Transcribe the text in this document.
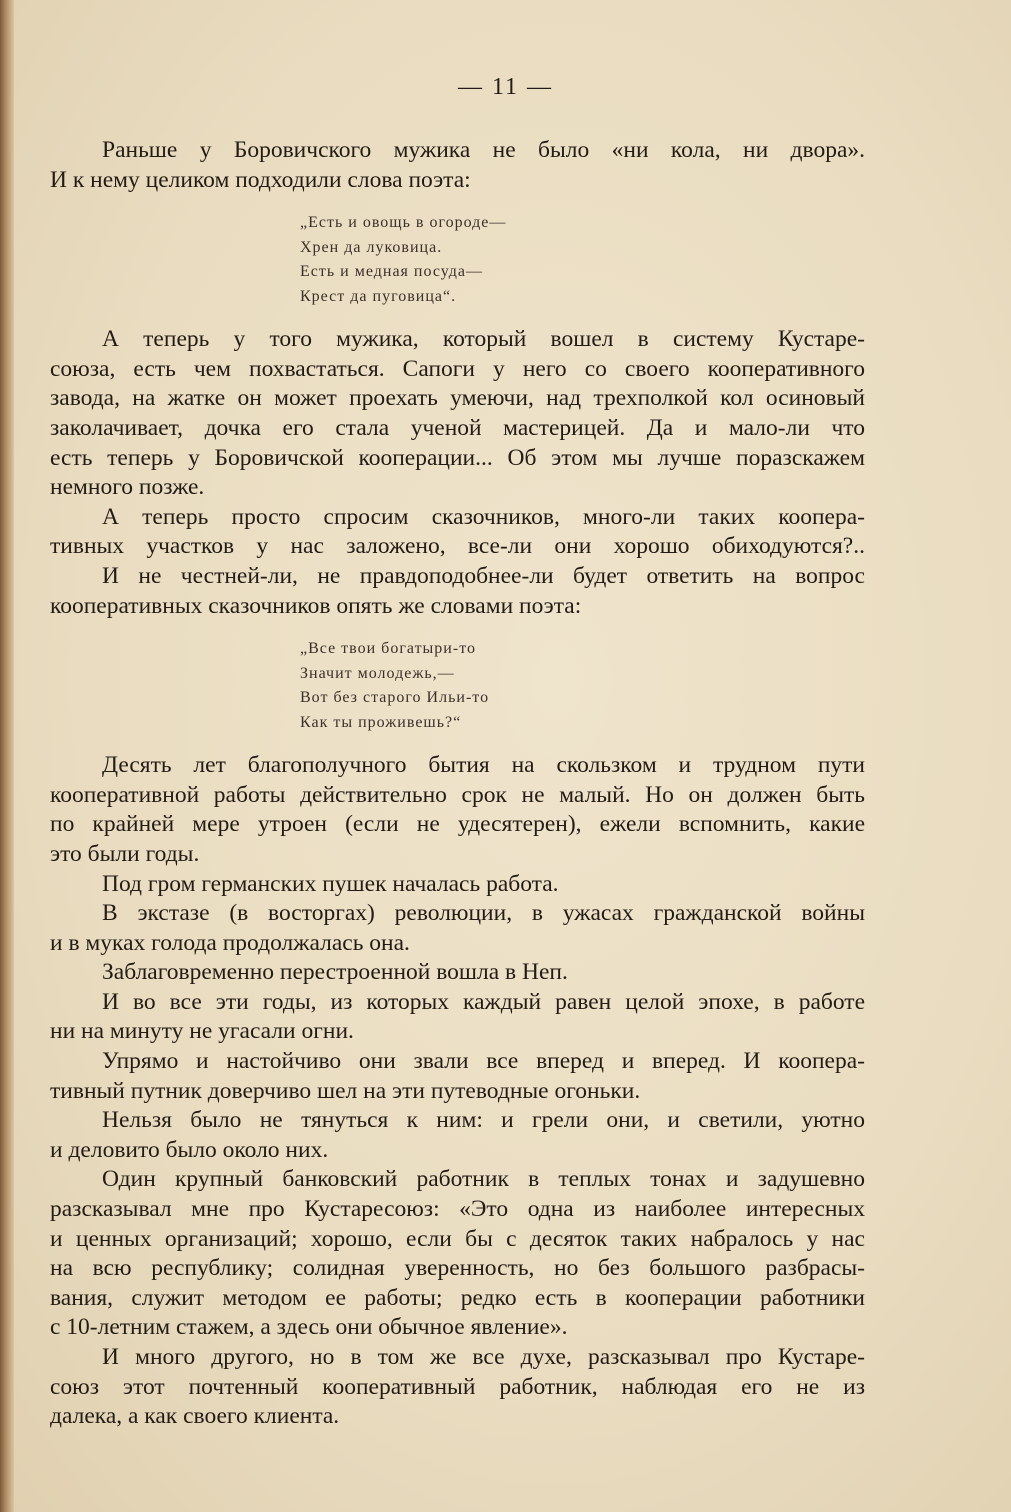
— 11 —
Раньше у Боровичского мужика не было «ни кола, ни двора».
И к нему целиком подходили слова поэта:
„Есть и овощь в огороде—
Хрен да луковица.
Есть и медная посуда—
Крест да пуговица“.
А теперь у того мужика, который вошел в систему Кустаре-
союза, есть чем похвастаться. Сапоги у него со своего кооперативного
завода, на жатке он может проехать умеючи, над трехполкой кол осиновый
заколачивает, дочка его стала ученой мастерицей. Да и мало-ли что
есть теперь у Боровичской кооперации... Об этом мы лучше поразскажем
немного позже.
А теперь просто спросим сказочников, много-ли таких коопера-
тивных участков у нас заложено, все-ли они хорошо обиходуются?..
И не честней-ли, не правдоподобнее-ли будет ответить на вопрос
кооперативных сказочников опять же словами поэта:
„Все твои богатыри-то
Значит молодежь,—
Вот без старого Ильи-то
Как ты проживешь?“
Десять лет благополучного бытия на скользком и трудном пути
кооперативной работы действительно срок не малый. Но он должен быть
по крайней мере утроен (если не удесятерен), ежели вспомнить, какие
это были годы.
Под гром германских пушек началась работа.
В экстазе (в восторгах) революции, в ужасах гражданской войны
и в муках голода продолжалась она.
Заблаговременно перестроенной вошла в Неп.
И во все эти годы, из которых каждый равен целой эпохе, в работе
ни на минуту не угасали огни.
Упрямо и настойчиво они звали все вперед и вперед. И коопера-
тивный путник доверчиво шел на эти путеводные огоньки.
Нельзя было не тянуться к ним: и грели они, и светили, уютно
и деловито было около них.
Один крупный банковский работник в теплых тонах и задушевно
разсказывал мне про Кустаресоюз: «Это одна из наиболее интересных
и ценных организаций; хорошо, если бы с десяток таких набралось у нас
на всю республику; солидная уверенность, но без большого разбрасы-
вания, служит методом ее работы; редко есть в кооперации работники
с 10-летним стажем, а здесь они обычное явление».
И много другого, но в том же все духе, разсказывал про Кустаре-
союз этот почтенный кооперативный работник, наблюдая его не из
далека, а как своего клиента.
